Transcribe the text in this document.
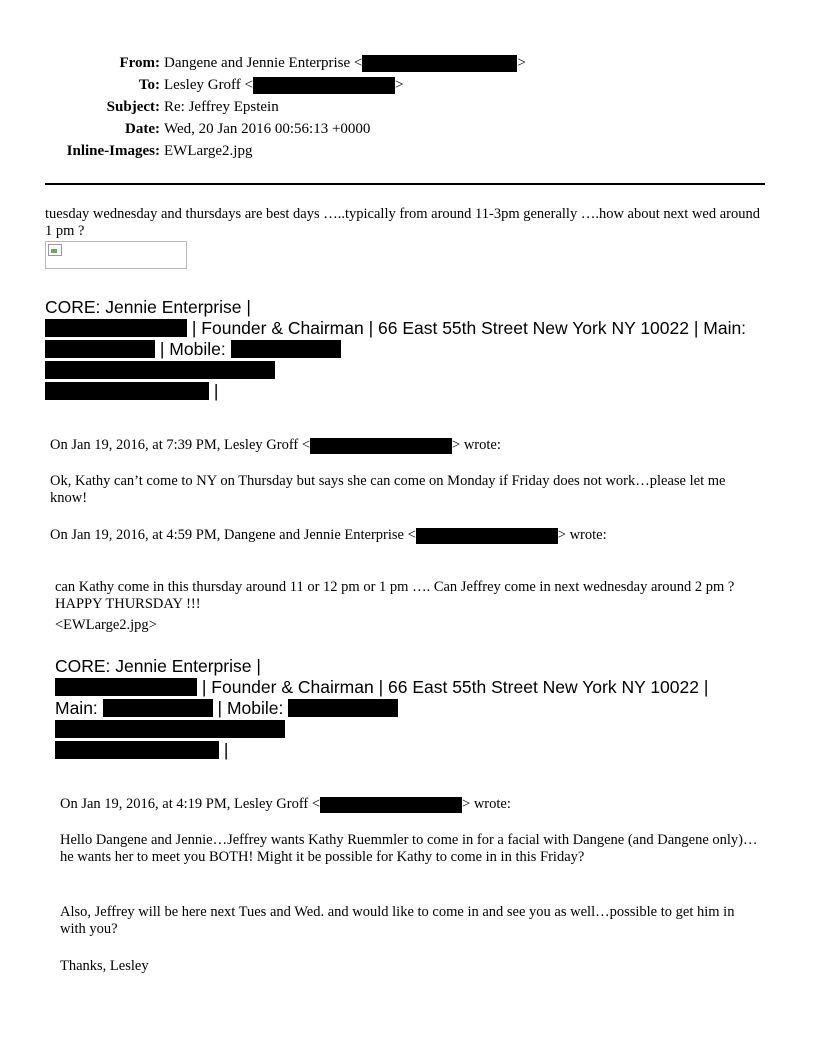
From: Dangene and Jennie Enterprise <	>
To: Lesley Groff <	>
Subject: Re: Jeffrey Epstein
Date: Wed, 20 Jan 2016 00:56:13 +0000
Inline-Images: EWLarge2.jpg
tuesday wednesday and thursdays are best days …..typically from around 11-3pm generally ….how about next wed around 1 pm ?
CORE: Jennie Enterprise |
| Founder & Chairman | 66 East 55th Street New York NY 10022 | Main:
| Mobile:
|
On Jan 19, 2016, at 7:39 PM, Lesley Groff <	> wrote:
Ok, Kathy can’t come to NY on Thursday but says she can come on Monday if Friday does not work…please let me know!
On Jan 19, 2016, at 4:59 PM, Dangene and Jennie Enterprise <	> wrote:
can Kathy come in this thursday around 11 or 12 pm or 1 pm …. Can Jeffrey come in next wednesday around 2 pm ? HAPPY THURSDAY !!!
<EWLarge2.jpg>
CORE: Jennie Enterprise |
| Founder & Chairman | 66 East 55th Street New York NY 10022 |
Main:	| Mobile:
|
On Jan 19, 2016, at 4:19 PM, Lesley Groff <	> wrote:
Hello Dangene and Jennie…Jeffrey wants Kathy Ruemmler to come in for a facial with Dangene (and Dangene only)…he wants her to meet you BOTH! Might it be possible for Kathy to come in in this Friday?
Also, Jeffrey will be here next Tues and Wed. and would like to come in and see you as well…possible to get him in with you?
Thanks, Lesley
